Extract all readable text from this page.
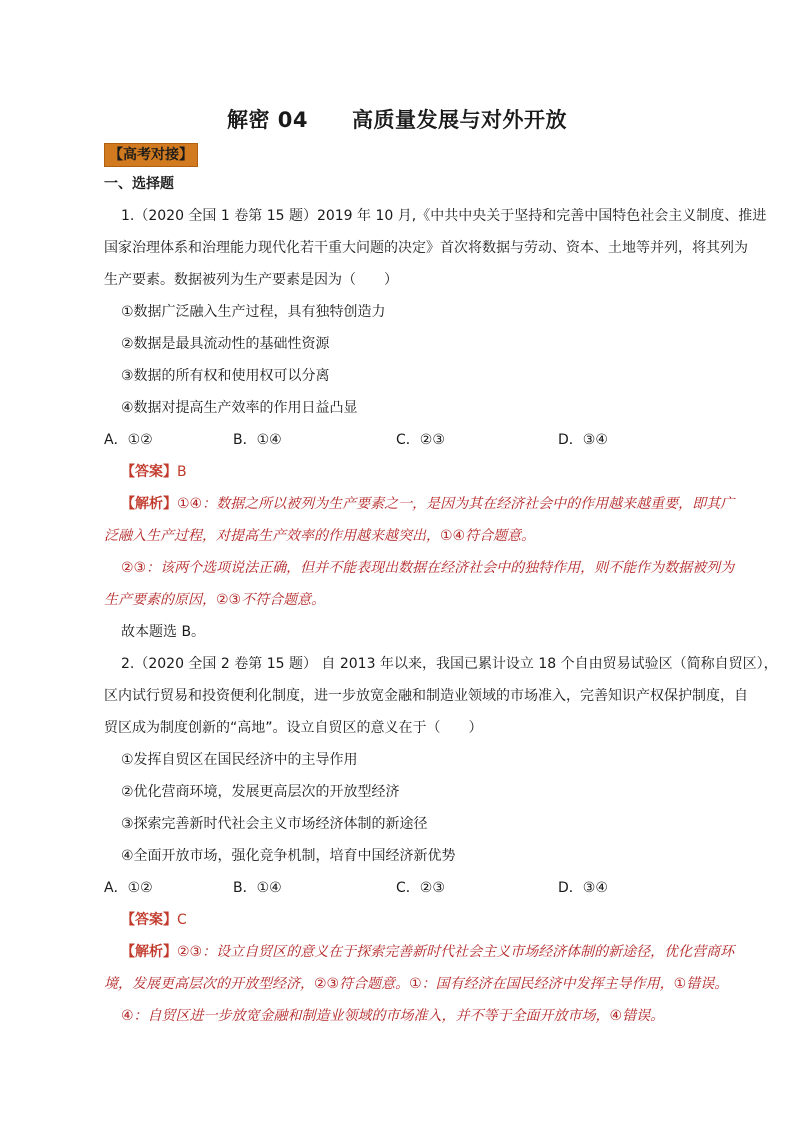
解密 04 高质量发展与对外开放
【高考对接】
一、选择题
1.（2020 全国 1 卷第 15 题）2019 年 10 月,《中共中央关于坚持和完善中国特色社会主义制度、推进
国家治理体系和治理能力现代化若干重大问题的决定》首次将数据与劳动、资本、土地等并列，将其列为
生产要素。数据被列为生产要素是因为（　　）
①数据广泛融入生产过程，具有独特创造力
②数据是最具流动性的基础性资源
③数据的所有权和使用权可以分离
④数据对提高生产效率的作用日益凸显
A．①②	B．①④	C．②③	D．③④
【答案】B
【解析】①④：数据之所以被列为生产要素之一，是因为其在经济社会中的作用越来越重要，即其广
泛融入生产过程，对提高生产效率的作用越来越突出，①④符合题意。
②③：该两个选项说法正确，但并不能表现出数据在经济社会中的独特作用，则不能作为数据被列为
生产要素的原因，②③不符合题意。
故本题选 B。
2.（2020 全国 2 卷第 15 题） 自 2013 年以来，我国已累计设立 18 个自由贸易试验区（简称自贸区），
区内试行贸易和投资便利化制度，进一步放宽金融和制造业领域的市场准入，完善知识产权保护制度，自
贸区成为制度创新的“高地”。设立自贸区的意义在于（　　）
①发挥自贸区在国民经济中的主导作用
②优化营商环境，发展更高层次的开放型经济
③探索完善新时代社会主义市场经济体制的新途径
④全面开放市场，强化竞争机制，培育中国经济新优势
A．①②	B．①④	C．②③	D．③④
【答案】C
【解析】②③：设立自贸区的意义在于探索完善新时代社会主义市场经济体制的新途径，优化营商环
境，发展更高层次的开放型经济，②③符合题意。①：国有经济在国民经济中发挥主导作用，①错误。
④：自贸区进一步放宽金融和制造业领域的市场准入，并不等于全面开放市场，④错误。
